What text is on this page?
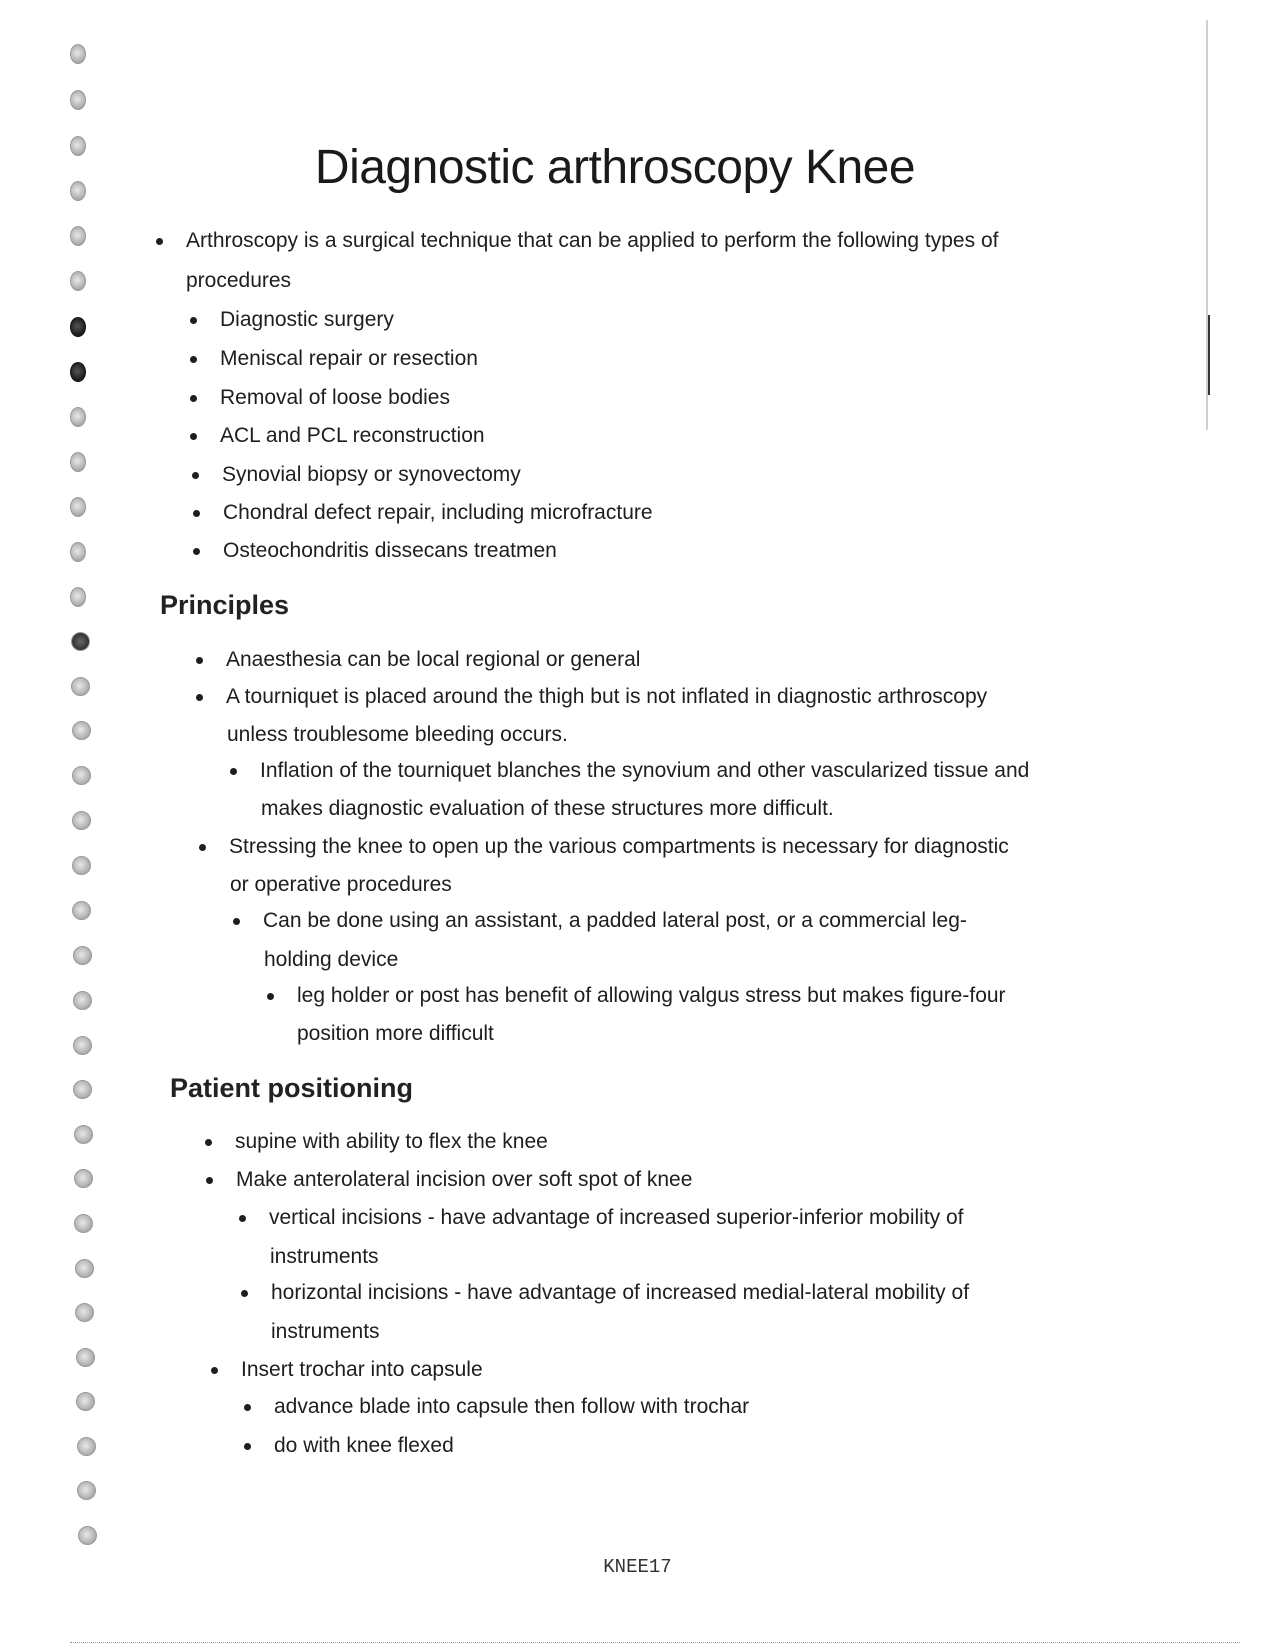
Diagnostic arthroscopy Knee
Arthroscopy is a surgical technique that can be applied to perform the following types of
procedures
Diagnostic surgery
Meniscal repair or resection
Removal of loose bodies
ACL and PCL reconstruction
Synovial biopsy or synovectomy
Chondral defect repair, including microfracture
Osteochondritis dissecans treatmen
Principles
Anaesthesia can be local regional or general
A tourniquet is placed around the thigh but is not inflated in diagnostic arthroscopy
unless troublesome bleeding occurs.
Inflation of the tourniquet blanches the synovium and other vascularized tissue and
makes diagnostic evaluation of these structures more difficult.
Stressing the knee to open up the various compartments is necessary for diagnostic
or operative procedures
Can be done using an assistant, a padded lateral post, or a commercial leg-
holding device
leg holder or post has benefit of allowing valgus stress but makes figure-four
position more difficult
Patient positioning
supine with ability to flex the knee
Make anterolateral incision over soft spot of knee
vertical incisions - have advantage of increased superior-inferior mobility of
instruments
horizontal incisions - have advantage of increased medial-lateral mobility of
instruments
Insert trochar into capsule
advance blade into capsule then follow with trochar
do with knee flexed
KNEE17
